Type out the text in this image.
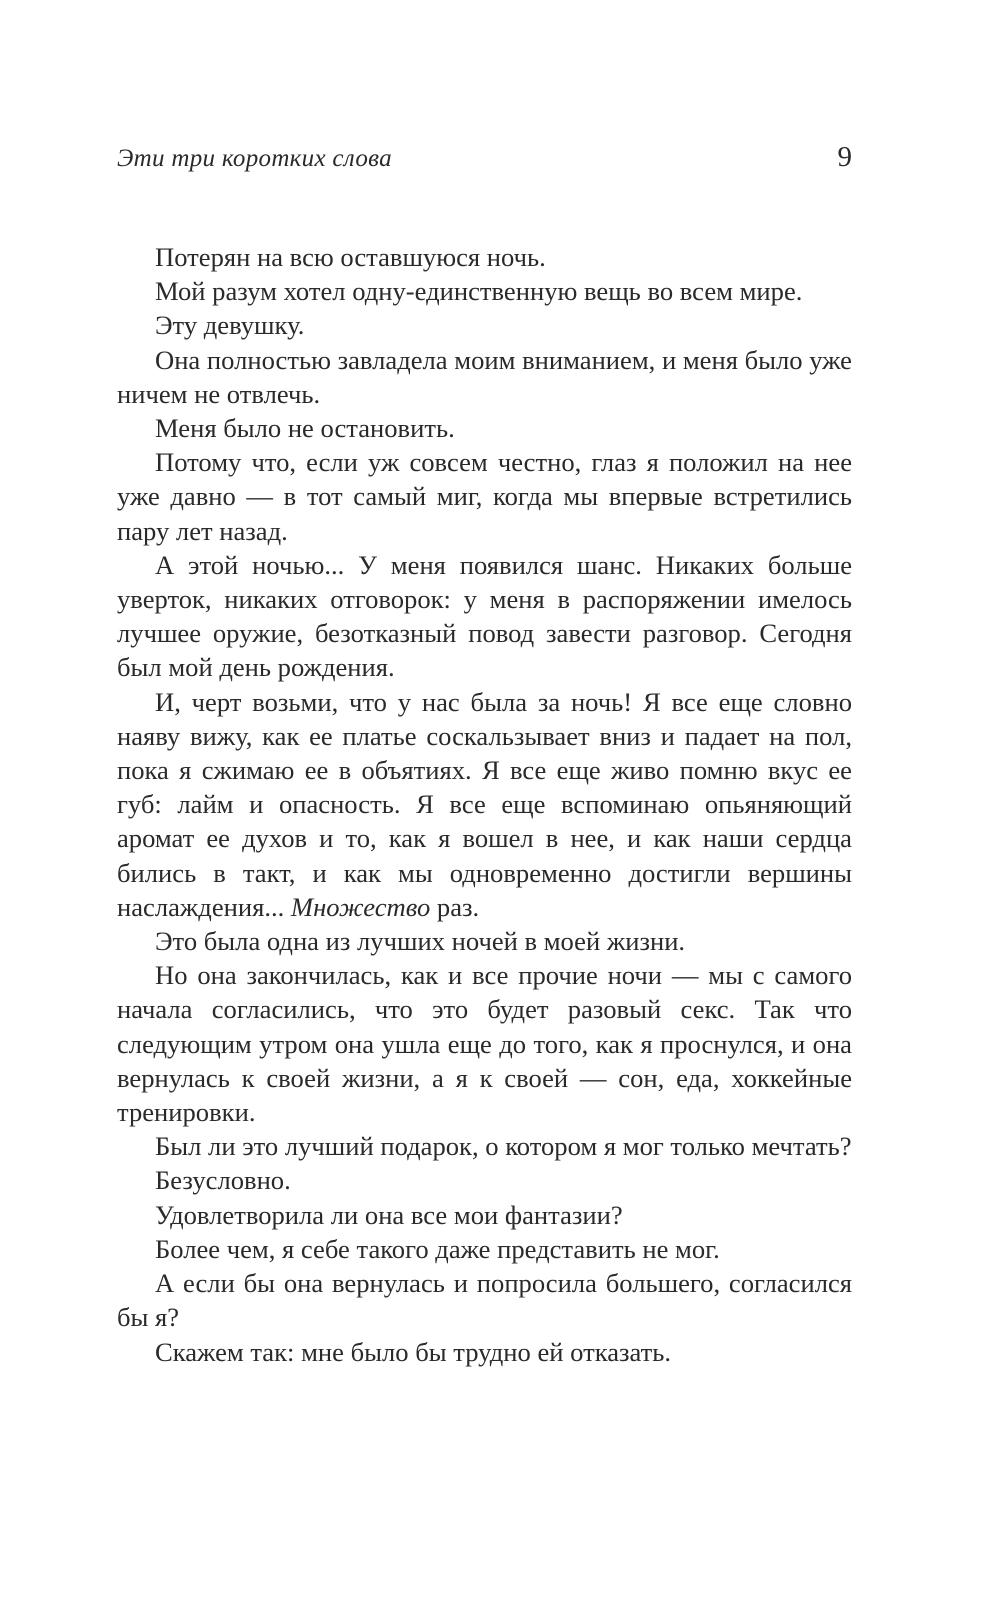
Эти три коротких слова	9

Потерян на всю оставшуюся ночь.

Мой разум хотел одну-единственную вещь во всем мире.

Эту девушку.

Она полностью завладела моим вниманием, и меня было уже ничем не отвлечь.

Меня было не остановить.

Потому что, если уж совсем честно, глаз я положил на нее уже давно — в тот самый миг, когда мы впервые встретились пару лет назад.

А этой ночью... У меня появился шанс. Никаких больше уверток, никаких отговорок: у меня в распоряжении имелось лучшее оружие, безотказный повод завести разговор. Сегодня был мой день рождения.

И, черт возьми, что у нас была за ночь! Я все еще словно наяву вижу, как ее платье соскальзывает вниз и падает на пол, пока я сжимаю ее в объятиях. Я все еще живо помню вкус ее губ: лайм и опасность. Я все еще вспоминаю опьяняющий аромат ее духов и то, как я вошел в нее, и как наши сердца бились в такт, и как мы одновременно достигли вершины наслаждения... Множество раз.

Это была одна из лучших ночей в моей жизни.

Но она закончилась, как и все прочие ночи — мы с самого начала согласились, что это будет разовый секс. Так что следующим утром она ушла еще до того, как я проснулся, и она вернулась к своей жизни, а я к своей — сон, еда, хоккейные тренировки.

Был ли это лучший подарок, о котором я мог только мечтать?

Безусловно.

Удовлетворила ли она все мои фантазии?

Более чем, я себе такого даже представить не мог.

А если бы она вернулась и попросила большего, согласился бы я?

Скажем так: мне было бы трудно ей отказать.
